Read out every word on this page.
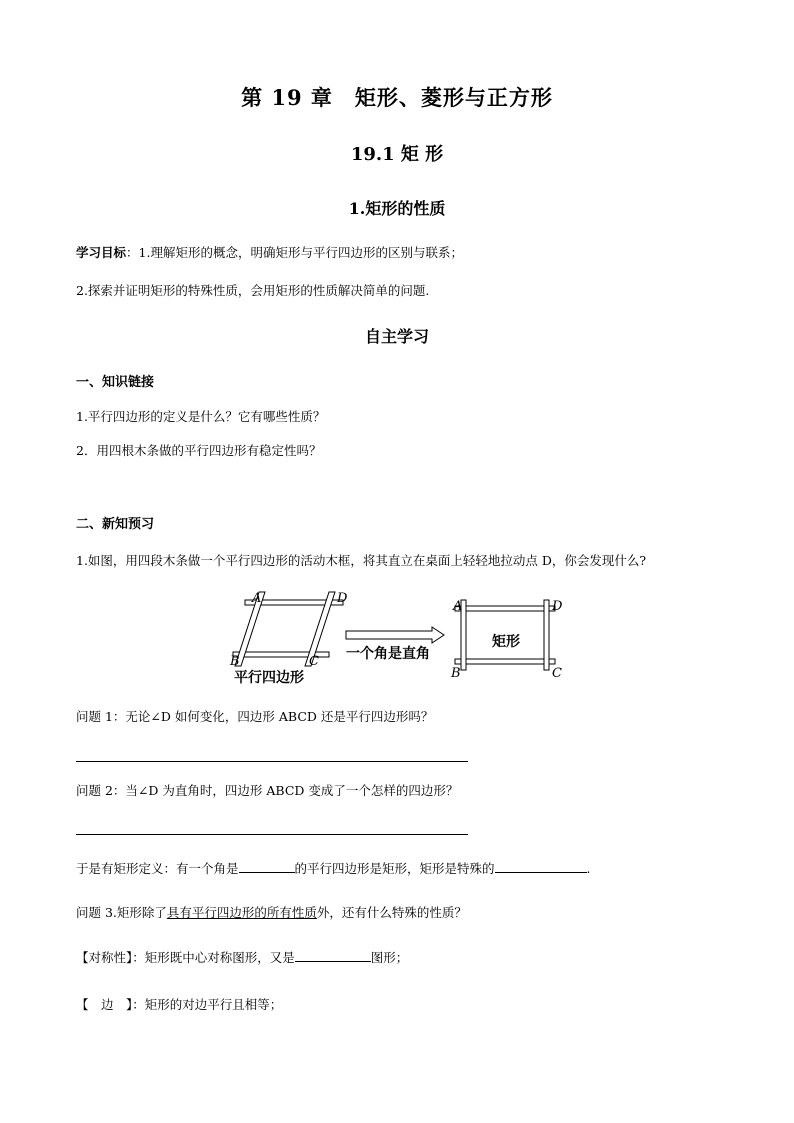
第 19 章　矩形、菱形与正方形
19.1 矩 形
1.矩形的性质
学习目标：1.理解矩形的概念，明确矩形与平行四边形的区别与联系；
2.探索并证明矩形的特殊性质，会用矩形的性质解决简单的问题.
自主学习
一、知识链接
1.平行四边形的定义是什么？它有哪些性质？
2．用四根木条做的平行四边形有稳定性吗？
二、新知预习
1.如图，用四段木条做一个平行四边形的活动木框，将其直立在桌面上轻轻地拉动点 D，你会发现什么?
A	D
B	C
平行四边形
一个角是直角
A	D
B	C
矩形
问题 1：无论∠D 如何变化，四边形 ABCD 还是平行四边形吗？
问题 2：当∠D 为直角时，四边形 ABCD 变成了一个怎样的四边形？
于是有矩形定义：有一个角是	的平行四边形是矩形，矩形是特殊的	.
问题 3.矩形除了具有平行四边形的所有性质外，还有什么特殊的性质？
【对称性】：矩形既中心对称图形，又是	图形；
【　边　】：矩形的对边平行且相等；
